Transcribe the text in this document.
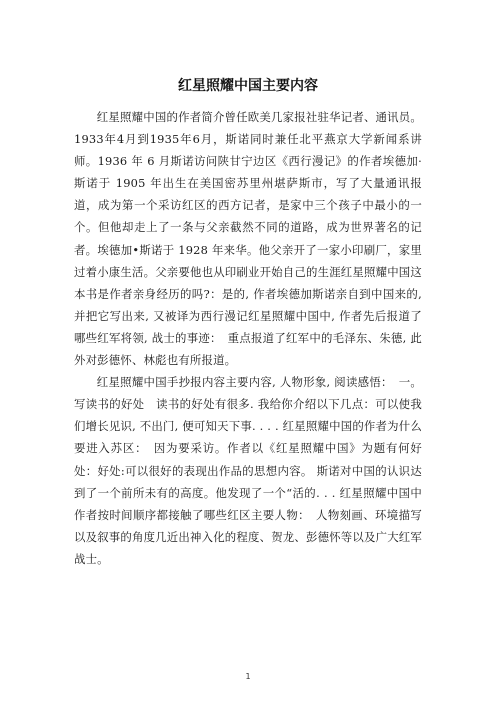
红星照耀中国主要内容

红星照耀中国的作者简介曾任欧美几家报社驻华记者、通讯员。1933年4月到1935年6月，斯诺同时兼任北平燕京大学新闻系讲师。1936 年 6 月斯诺访问陕甘宁边区《西行漫记》的作者埃德加·斯诺于 1905 年出生在美国密苏里州堪萨斯市，写了大量通讯报道，成为第一个采访红区的西方记者，是家中三个孩子中最小的一个。但他却走上了一条与父亲截然不同的道路，成为世界著名的记者。埃德加•斯诺于 1928 年来华。他父亲开了一家小印刷厂，家里过着小康生活。父亲要他也从印刷业开始自己的生涯红星照耀中国这本书是作者亲身经历的吗?：是的, 作者埃德加斯诺亲自到中国来的, 并把它写出来, 又被译为西行漫记红星照耀中国中, 作者先后报道了哪些红军将领, 战士的事迹：　重点报道了红军中的毛泽东、朱德, 此外对彭德怀、林彪也有所报道。

红星照耀中国手抄报内容主要内容, 人物形象, 阅读感悟：　一。写读书的好处　读书的好处有很多. 我给你介绍以下几点：可以使我们增长见识, 不出门, 便可知天下事. . . . 红星照耀中国的作者为什么要进入苏区：　因为要采访。作者以《红星照耀中国》为题有何好处：好处:可以很好的表现出作品的思想内容。 斯诺对中国的认识达到了一个前所未有的高度。他发现了一个“活的. . . 红星照耀中国中作者按时间顺序都接触了哪些红区主要人物：　人物刻画、环境描写以及叙事的角度几近出神入化的程度、贺龙、彭德怀等以及广大红军战士。

1
